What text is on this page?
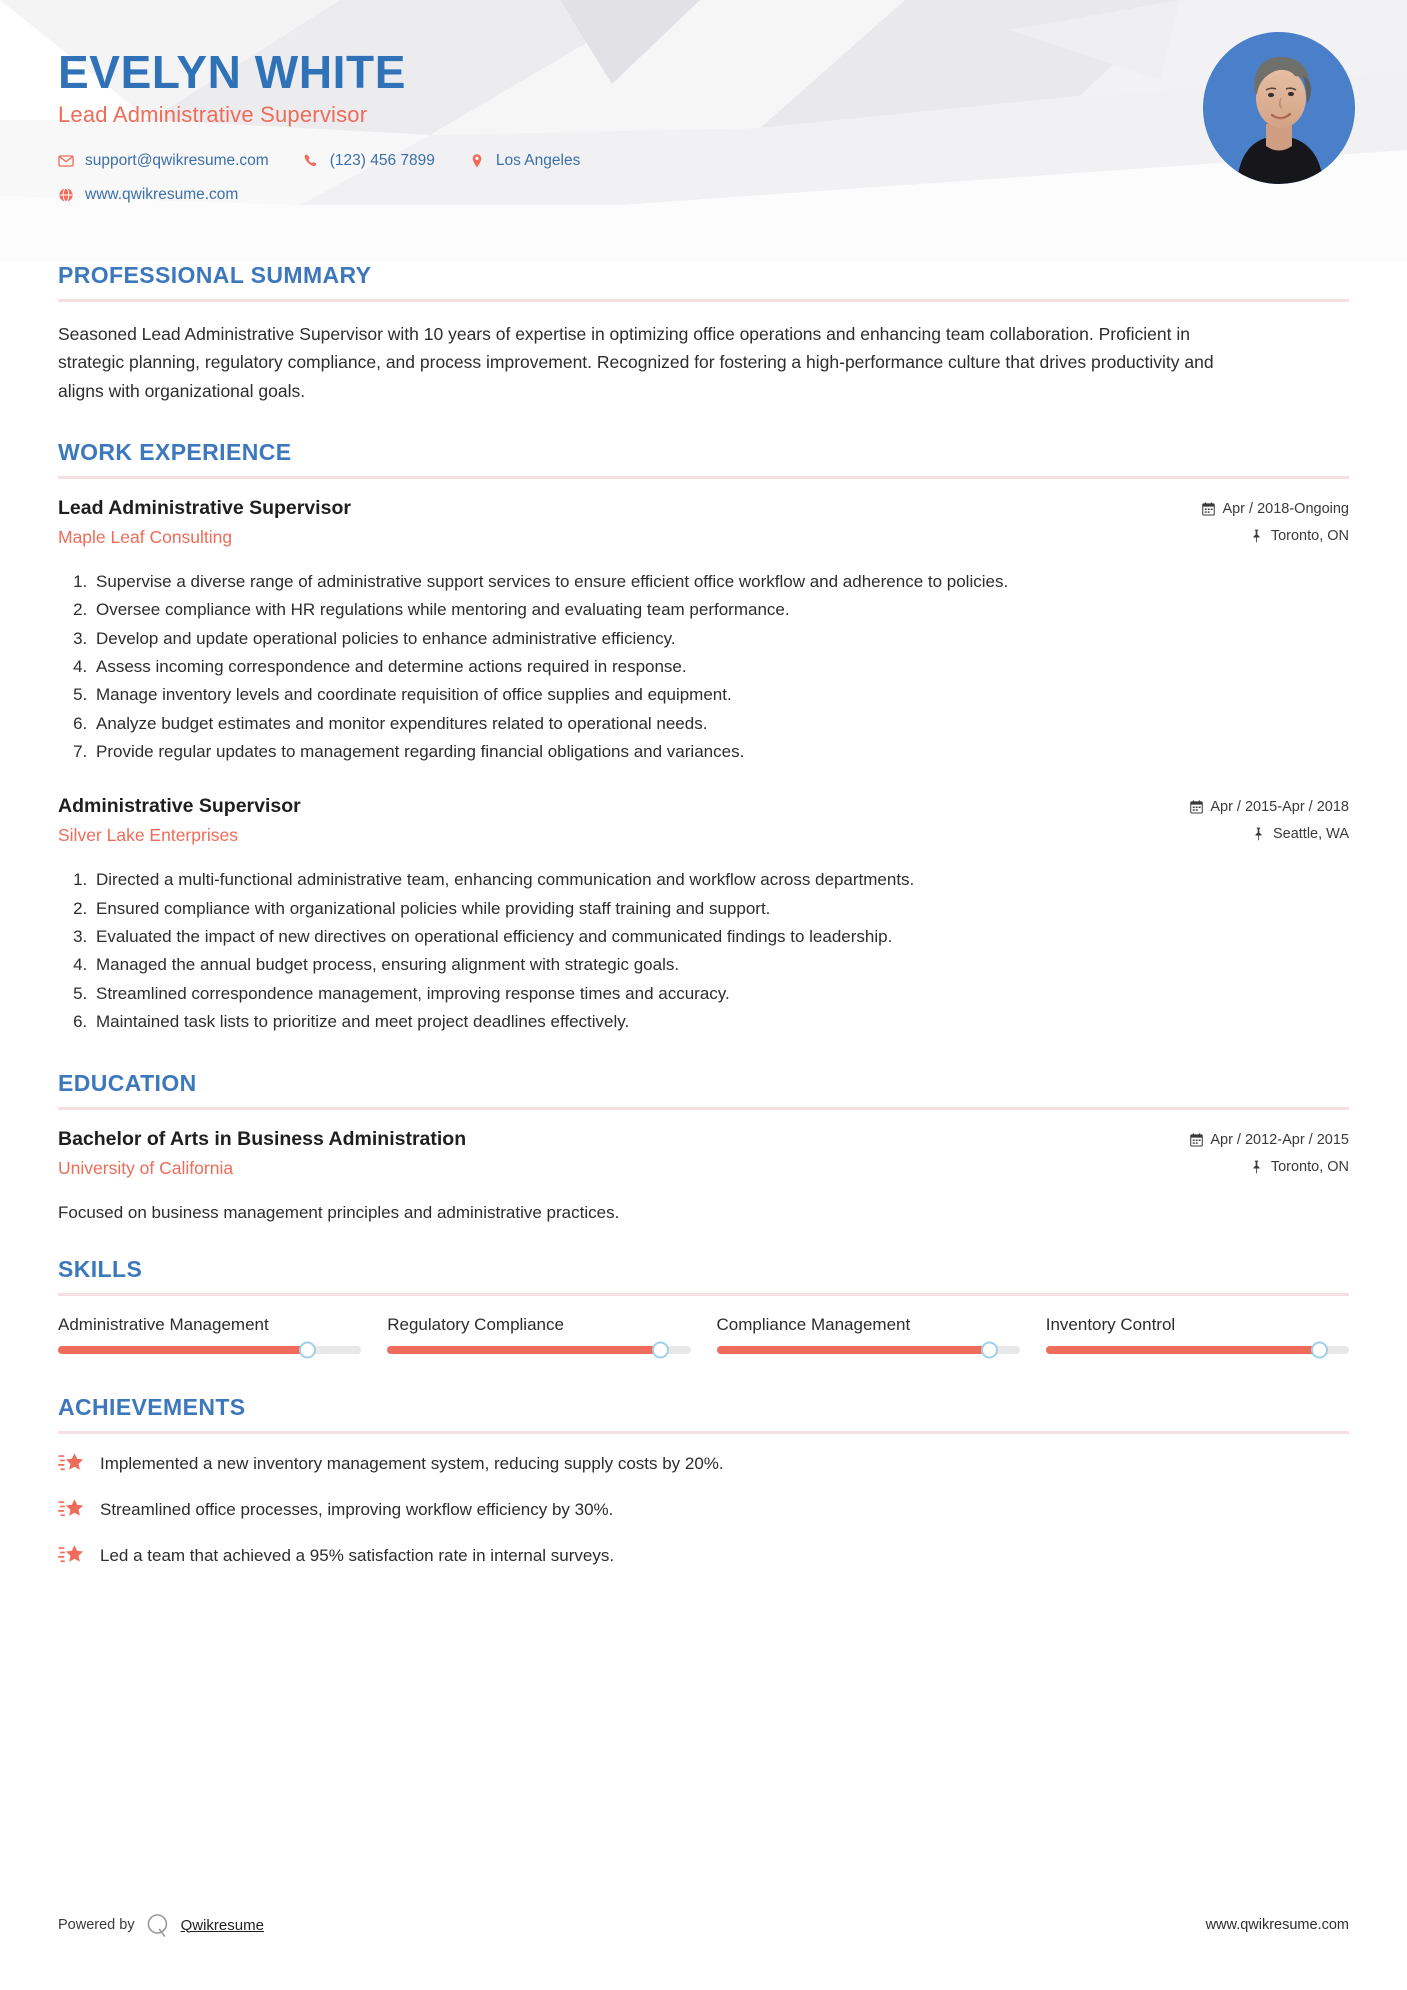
EVELYN WHITE
Lead Administrative Supervisor
support@qwikresume.com	(123) 456 7899	Los Angeles
www.qwikresume.com
PROFESSIONAL SUMMARY

Seasoned Lead Administrative Supervisor with 10 years of expertise in optimizing office operations and enhancing team collaboration. Proficient in strategic planning, regulatory compliance, and process improvement. Recognized for fostering a high-performance culture that drives productivity and aligns with organizational goals.

WORK EXPERIENCE
Lead Administrative Supervisor
Maple Leaf Consulting
Apr / 2018-Ongoing
Toronto, ON
1. Supervise a diverse range of administrative support services to ensure efficient office workflow and adherence to policies.
2. Oversee compliance with HR regulations while mentoring and evaluating team performance.
3. Develop and update operational policies to enhance administrative efficiency.
4. Assess incoming correspondence and determine actions required in response.
5. Manage inventory levels and coordinate requisition of office supplies and equipment.
6. Analyze budget estimates and monitor expenditures related to operational needs.
7. Provide regular updates to management regarding financial obligations and variances.
Administrative Supervisor
Silver Lake Enterprises
Apr / 2015-Apr / 2018
Seattle, WA
1. Directed a multi-functional administrative team, enhancing communication and workflow across departments.
2. Ensured compliance with organizational policies while providing staff training and support.
3. Evaluated the impact of new directives on operational efficiency and communicated findings to leadership.
4. Managed the annual budget process, ensuring alignment with strategic goals.
5. Streamlined correspondence management, improving response times and accuracy.
6. Maintained task lists to prioritize and meet project deadlines effectively.
EDUCATION
Bachelor of Arts in Business Administration
University of California
Apr / 2012-Apr / 2015
Toronto, ON

Focused on business management principles and administrative practices.

SKILLS
Administrative Management	Regulatory Compliance	Compliance Management	Inventory Control
ACHIEVEMENTS
Implemented a new inventory management system, reducing supply costs by 20%.
Streamlined office processes, improving workflow efficiency by 30%.
Led a team that achieved a 95% satisfaction rate in internal surveys.
Powered by	Qwikresume	www.qwikresume.com
